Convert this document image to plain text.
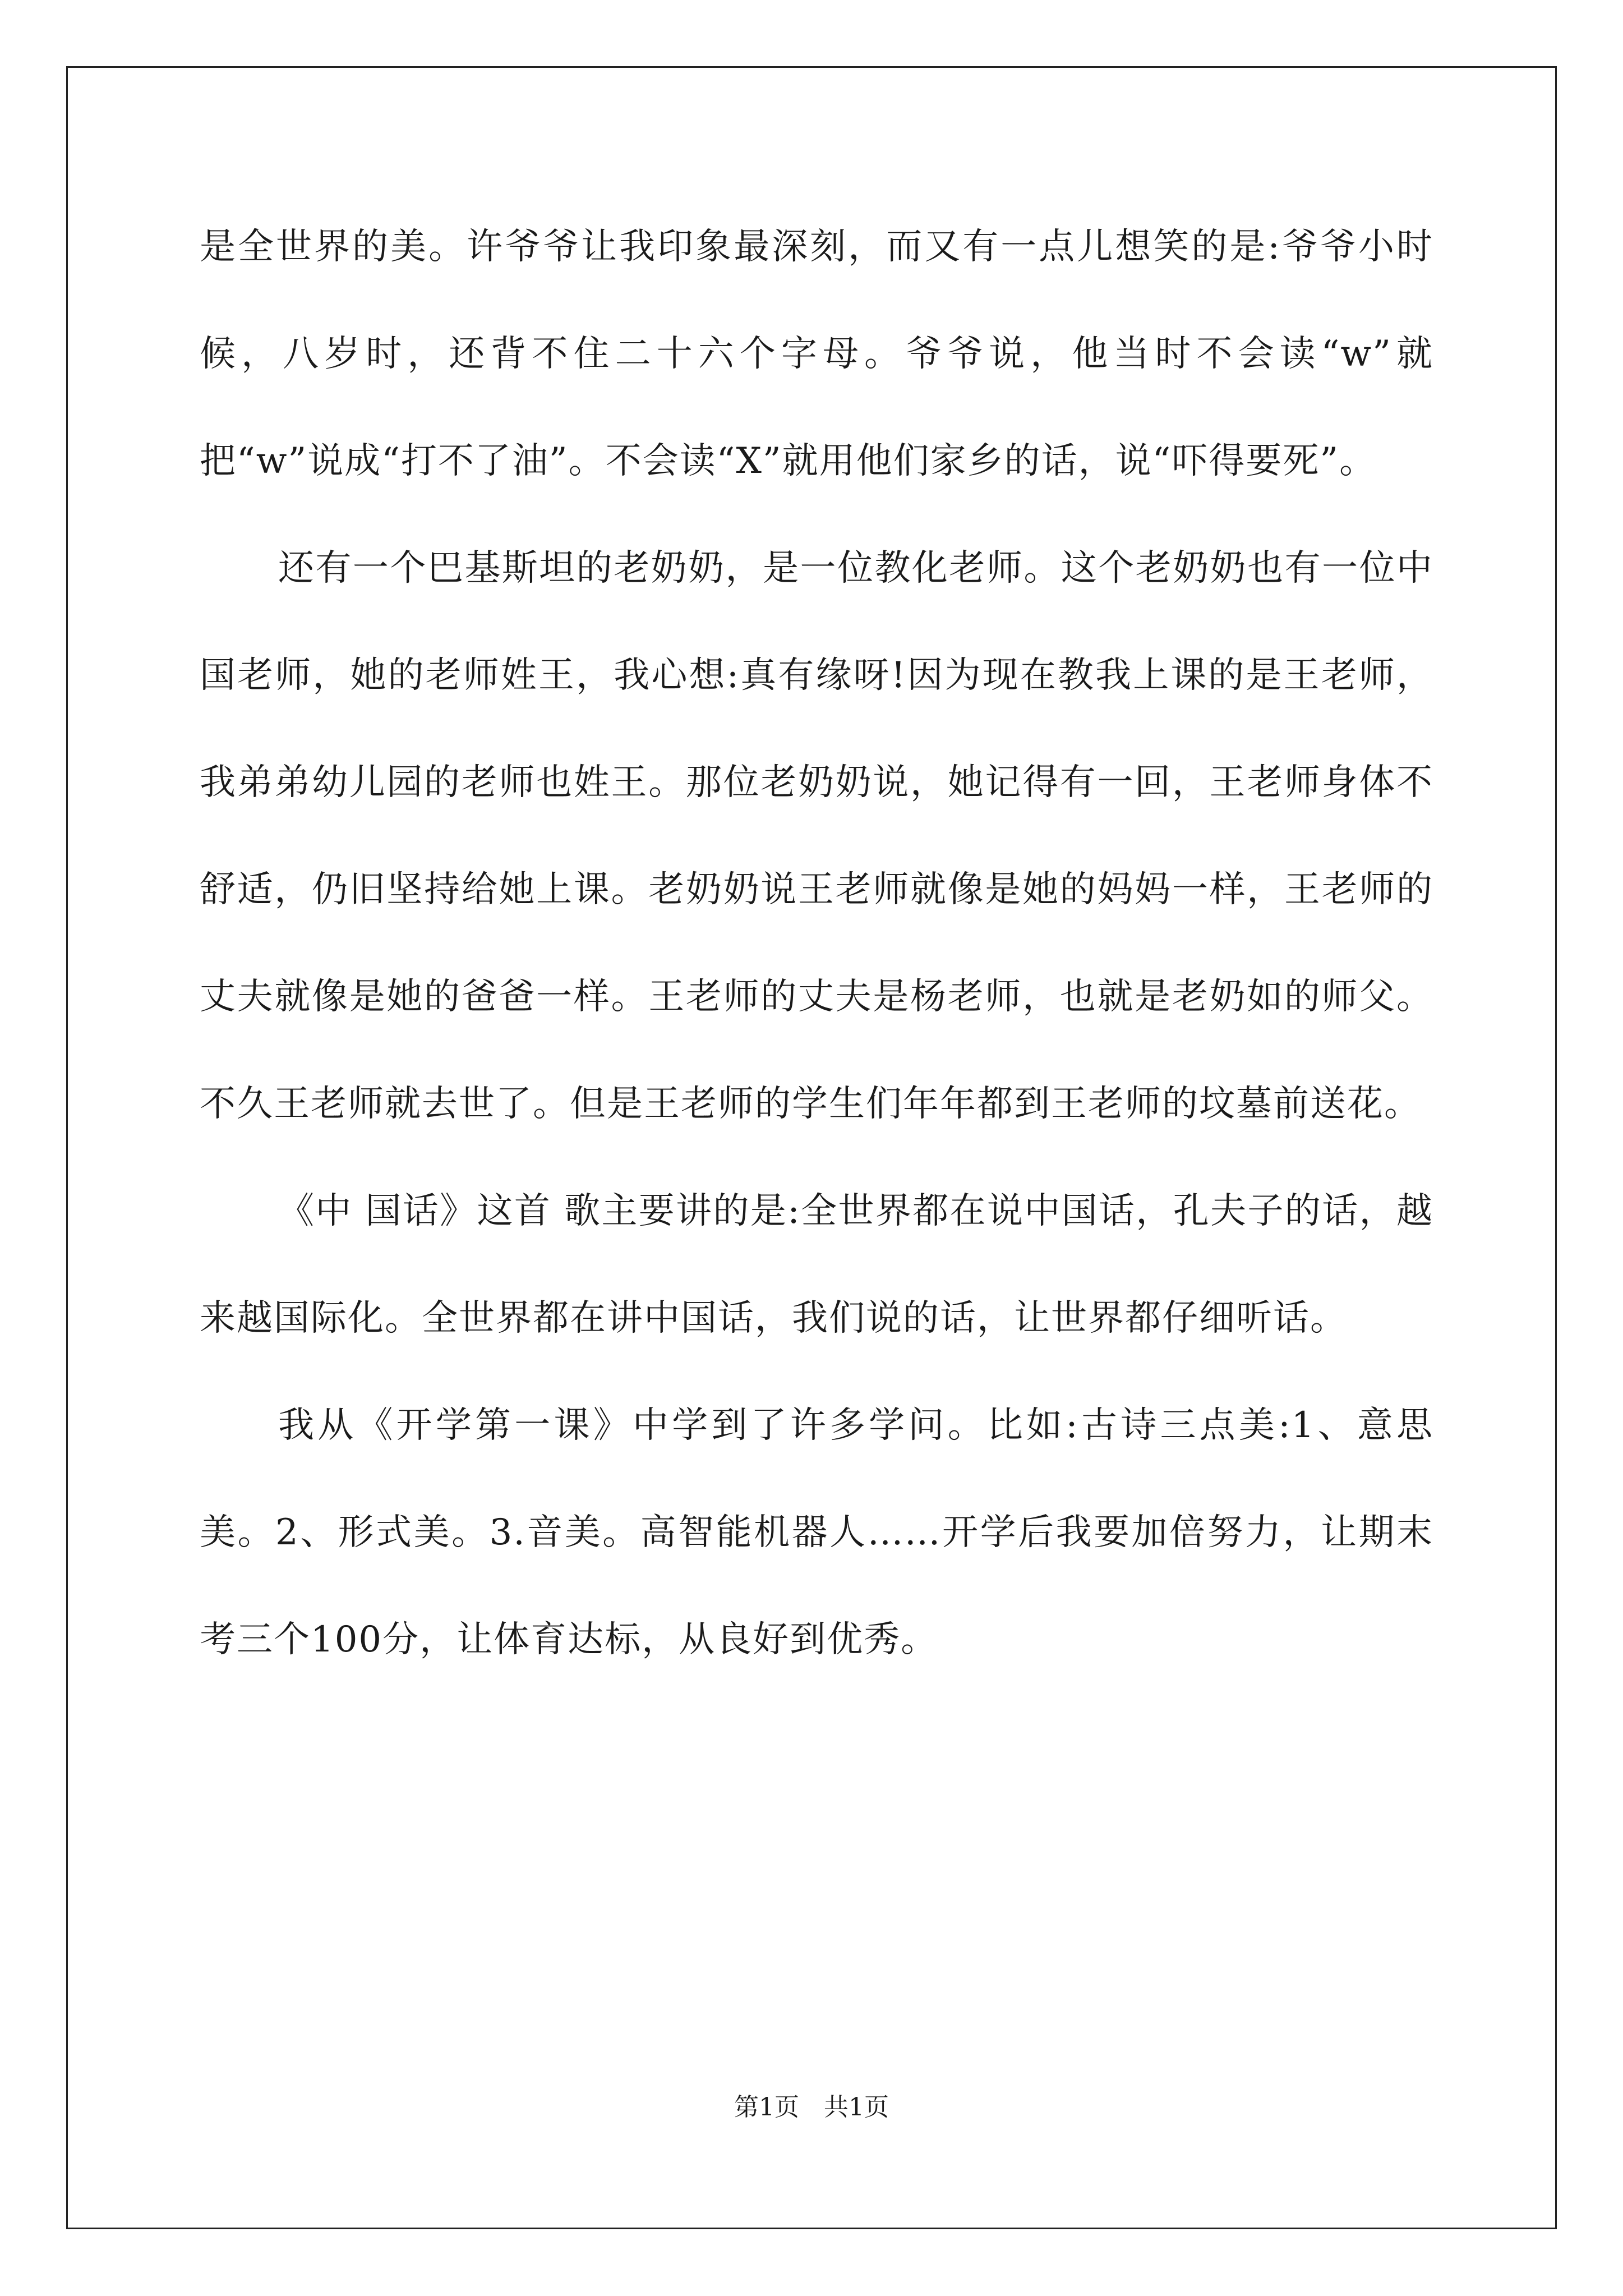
是全世界的美。许爷爷让我印象最深刻，而又有一点儿想笑的是:爷爷小时候，八岁时，还背不住二十六个字母。爷爷说，他当时不会读“w”就把“w”说成“打不了油”。不会读“X”就用他们家乡的话，说“吓得要死”。

还有一个巴基斯坦的老奶奶，是一位教化老师。这个老奶奶也有一位中国老师，她的老师姓王，我心想:真有缘呀!因为现在教我上课的是王老师，我弟弟幼儿园的老师也姓王。那位老奶奶说，她记得有一回，王老师身体不舒适，仍旧坚持给她上课。老奶奶说王老师就像是她的妈妈一样，王老师的丈夫就像是她的爸爸一样。王老师的丈夫是杨老师，也就是老奶如的师父。不久王老师就去世了。但是王老师的学生们年年都到王老师的坟墓前送花。

《中 国话》这首 歌主要讲的是:全世界都在说中国话，孔夫子的话，越来越国际化。全世界都在讲中国话，我们说的话，让世界都仔细听话。

我从《开学第一课》中学到了许多学问。比如:古诗三点美:1、意思美。2、形式美。3.音美。高智能机器人……开学后我要加倍努力，让期末考三个100分，让体育达标，从良好到优秀。

第1页　共1页
